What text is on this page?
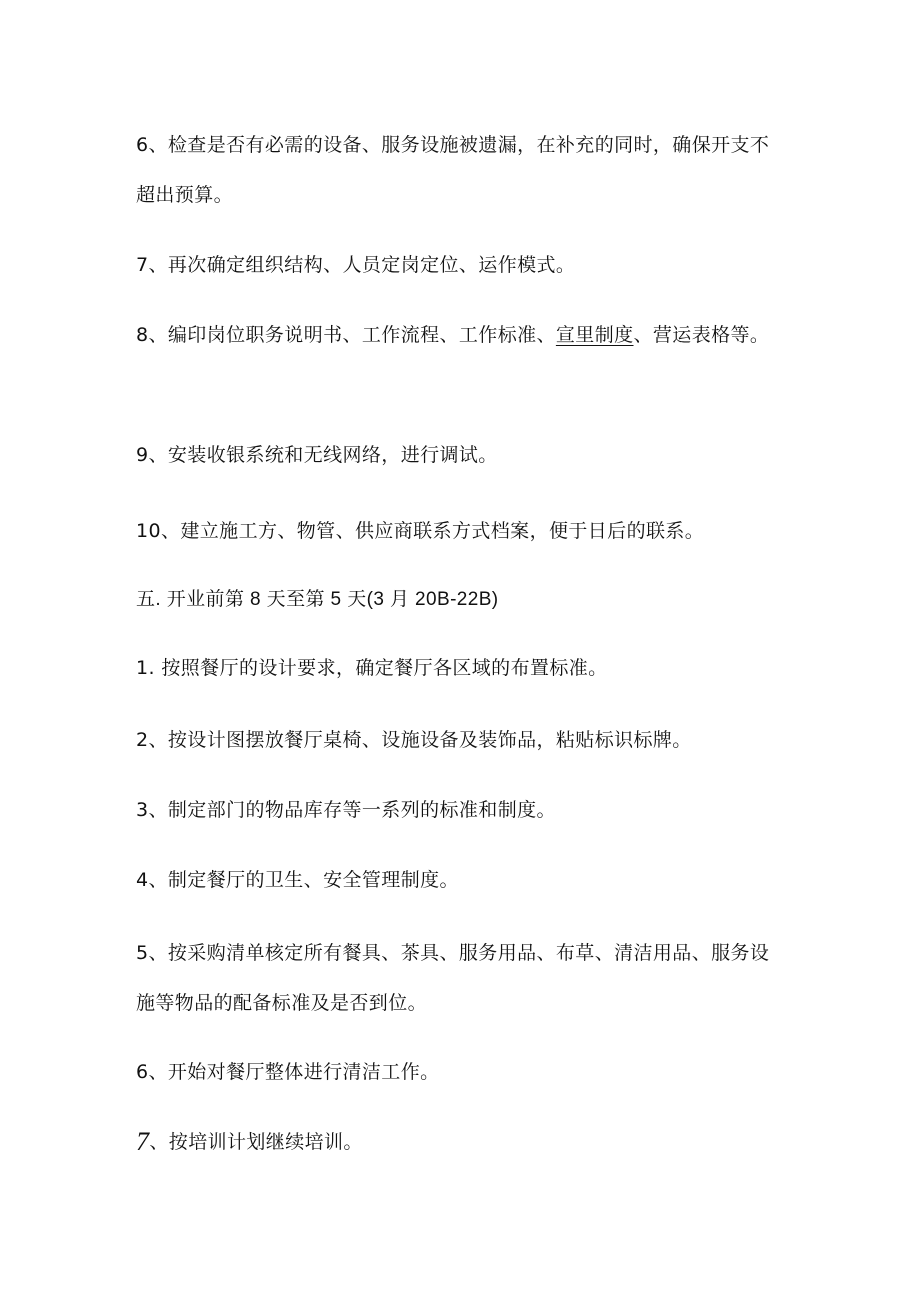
6、检查是否有必需的设备、服务设施被遗漏，在补充的同时，确保开支不超出预算。

7、再次确定组织结构、人员定岗定位、运作模式。

8、编印岗位职务说明书、工作流程、工作标准、宣里制度、营运表格等。

9、安装收银系统和无线网络，进行调试。

10、建立施工方、物管、供应商联系方式档案，便于日后的联系。

五. 开业前第 8 天至第 5 天(3 月 20B-22B)

1. 按照餐厅的设计要求，确定餐厅各区域的布置标准。

2、按设计图摆放餐厅桌椅、设施设备及装饰品，粘贴标识标牌。

3、制定部门的物品库存等一系列的标准和制度。

4、制定餐厅的卫生、安全管理制度。

5、按采购清单核定所有餐具、茶具、服务用品、布草、清洁用品、服务设施等物品的配备标准及是否到位。

6、开始对餐厅整体进行清洁工作。

7、按培训计划继续培训。
